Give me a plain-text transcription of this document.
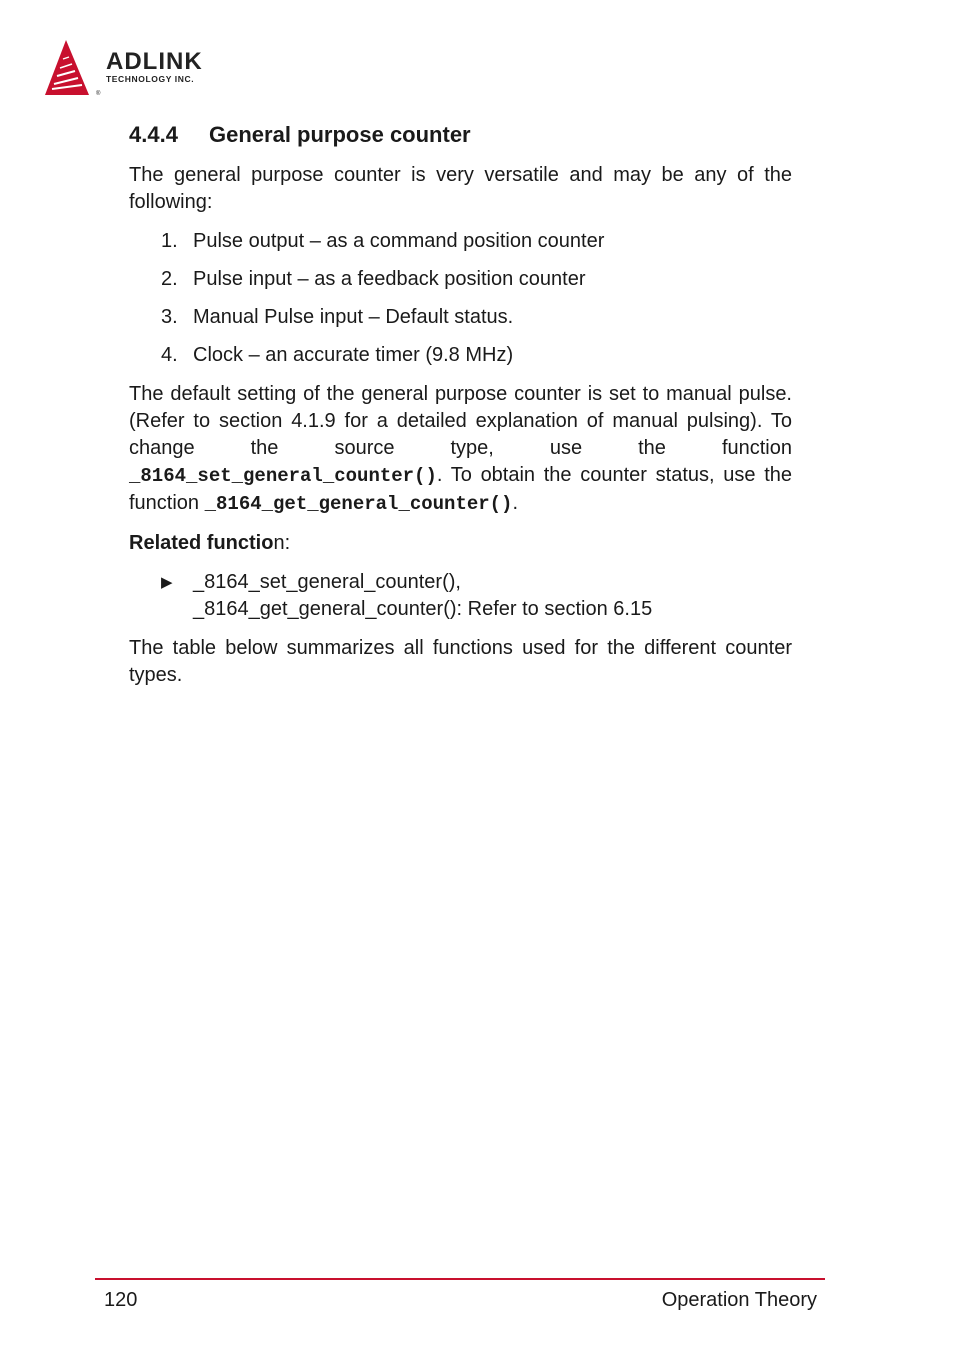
ADLINK
TECHNOLOGY INC.
®
4.4.4	General purpose counter

The general purpose counter is very versatile and may be any of the following:

1. Pulse output – as a command position counter
2. Pulse input – as a feedback position counter
3. Manual Pulse input – Default status.
4. Clock – an accurate timer (9.8 MHz)

The default setting of the general purpose counter is set to manual pulse. (Refer to section 4.1.9 for a detailed explanation of manual pulsing). To change the source type, use the function _8164_set_general_counter(). To obtain the counter status, use the function _8164_get_general_counter().

Related function:

▶	_8164_set_general_counter(),
_8164_get_general_counter(): Refer to section 6.15

The table below summarizes all functions used for the different counter types.

120	Operation Theory
